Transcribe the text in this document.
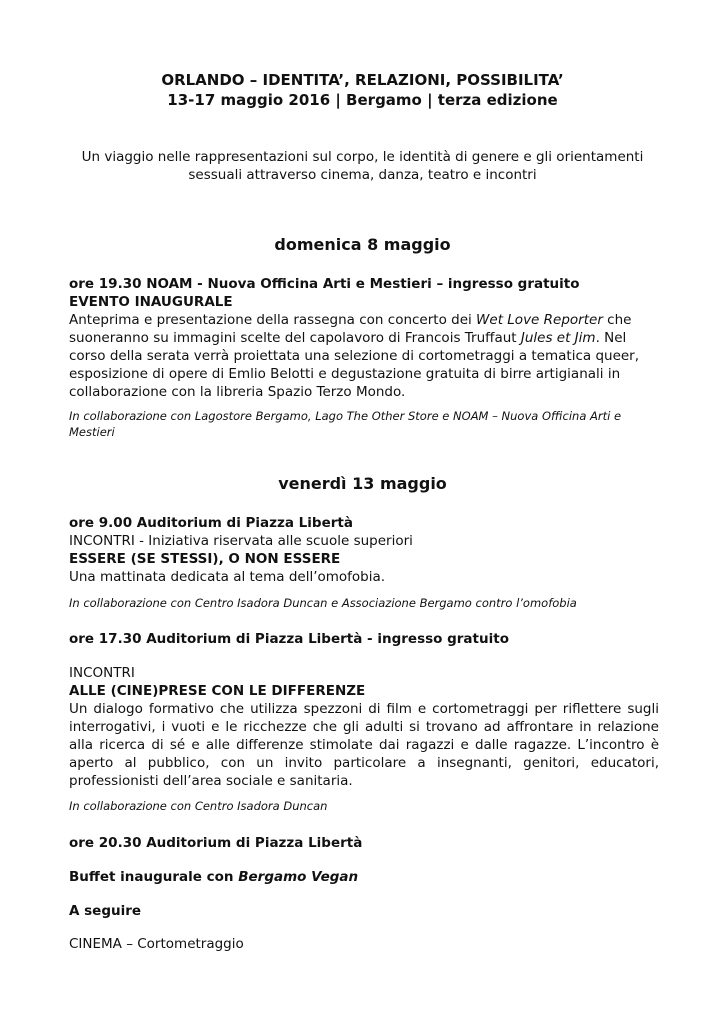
ORLANDO – IDENTITA’, RELAZIONI, POSSIBILITA’
13-17 maggio 2016 | Bergamo | terza edizione
Un viaggio nelle rappresentazioni sul corpo, le identità di genere e gli orientamenti
sessuali attraverso cinema, danza, teatro e incontri
domenica 8 maggio
ore 19.30 NOAM - Nuova Officina Arti e Mestieri – ingresso gratuito
EVENTO INAUGURALE
Anteprima e presentazione della rassegna con concerto dei Wet Love Reporter che suoneranno su immagini scelte del capolavoro di Francois Truffaut Jules et Jim. Nel corso della serata verrà proiettata una selezione di cortometraggi a tematica queer, esposizione di opere di Emlio Belotti e degustazione gratuita di birre artigianali in collaborazione con la libreria Spazio Terzo Mondo.
In collaborazione con Lagostore Bergamo, Lago The Other Store e NOAM – Nuova Officina Arti e Mestieri
venerdì 13 maggio
ore 9.00 Auditorium di Piazza Libertà
INCONTRI - Iniziativa riservata alle scuole superiori
ESSERE (SE STESSI), O NON ESSERE
Una mattinata dedicata al tema dell’omofobia.
In collaborazione con Centro Isadora Duncan e Associazione Bergamo contro l’omofobia
ore 17.30 Auditorium di Piazza Libertà - ingresso gratuito
INCONTRI
ALLE (CINE)PRESE CON LE DIFFERENZE
Un dialogo formativo che utilizza spezzoni di film e cortometraggi per riflettere sugli interrogativi, i vuoti e le ricchezze che gli adulti si trovano ad affrontare in relazione alla ricerca di sé e alle differenze stimolate dai ragazzi e dalle ragazze. L’incontro è aperto al pubblico, con un invito particolare a insegnanti, genitori, educatori, professionisti dell’area sociale e sanitaria.
In collaborazione con Centro Isadora Duncan
ore 20.30 Auditorium di Piazza Libertà
Buffet inaugurale con Bergamo Vegan
A seguire
CINEMA – Cortometraggio
